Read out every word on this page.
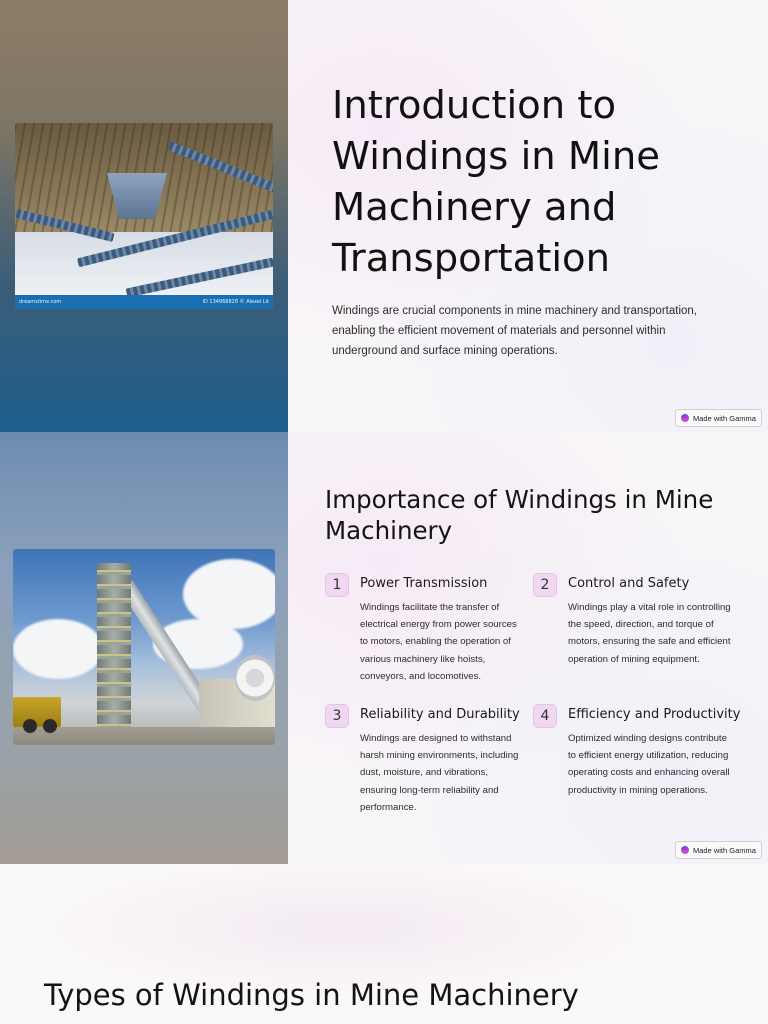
dreamstime.com	ID 134968828 © Alexei Lit
Introduction to Windings in Mine Machinery and Transportation

Windings are crucial components in mine machinery and transportation, enabling the efficient movement of materials and personnel within underground and surface mining operations.

Made with Gamma
Importance of Windings in Mine Machinery
1	Power Transmission
Windings facilitate the transfer of electrical energy from power sources to motors, enabling the operation of various machinery like hoists, conveyors, and locomotives.
2	Control and Safety
Windings play a vital role in controlling the speed, direction, and torque of motors, ensuring the safe and efficient operation of mining equipment.
3	Reliability and Durability
Windings are designed to withstand harsh mining environments, including dust, moisture, and vibrations, ensuring long-term reliability and performance.
4	Efficiency and Productivity
Optimized winding designs contribute to efficient energy utilization, reducing operating costs and enhancing overall productivity in mining operations.
Made with Gamma
Types of Windings in Mine Machinery
